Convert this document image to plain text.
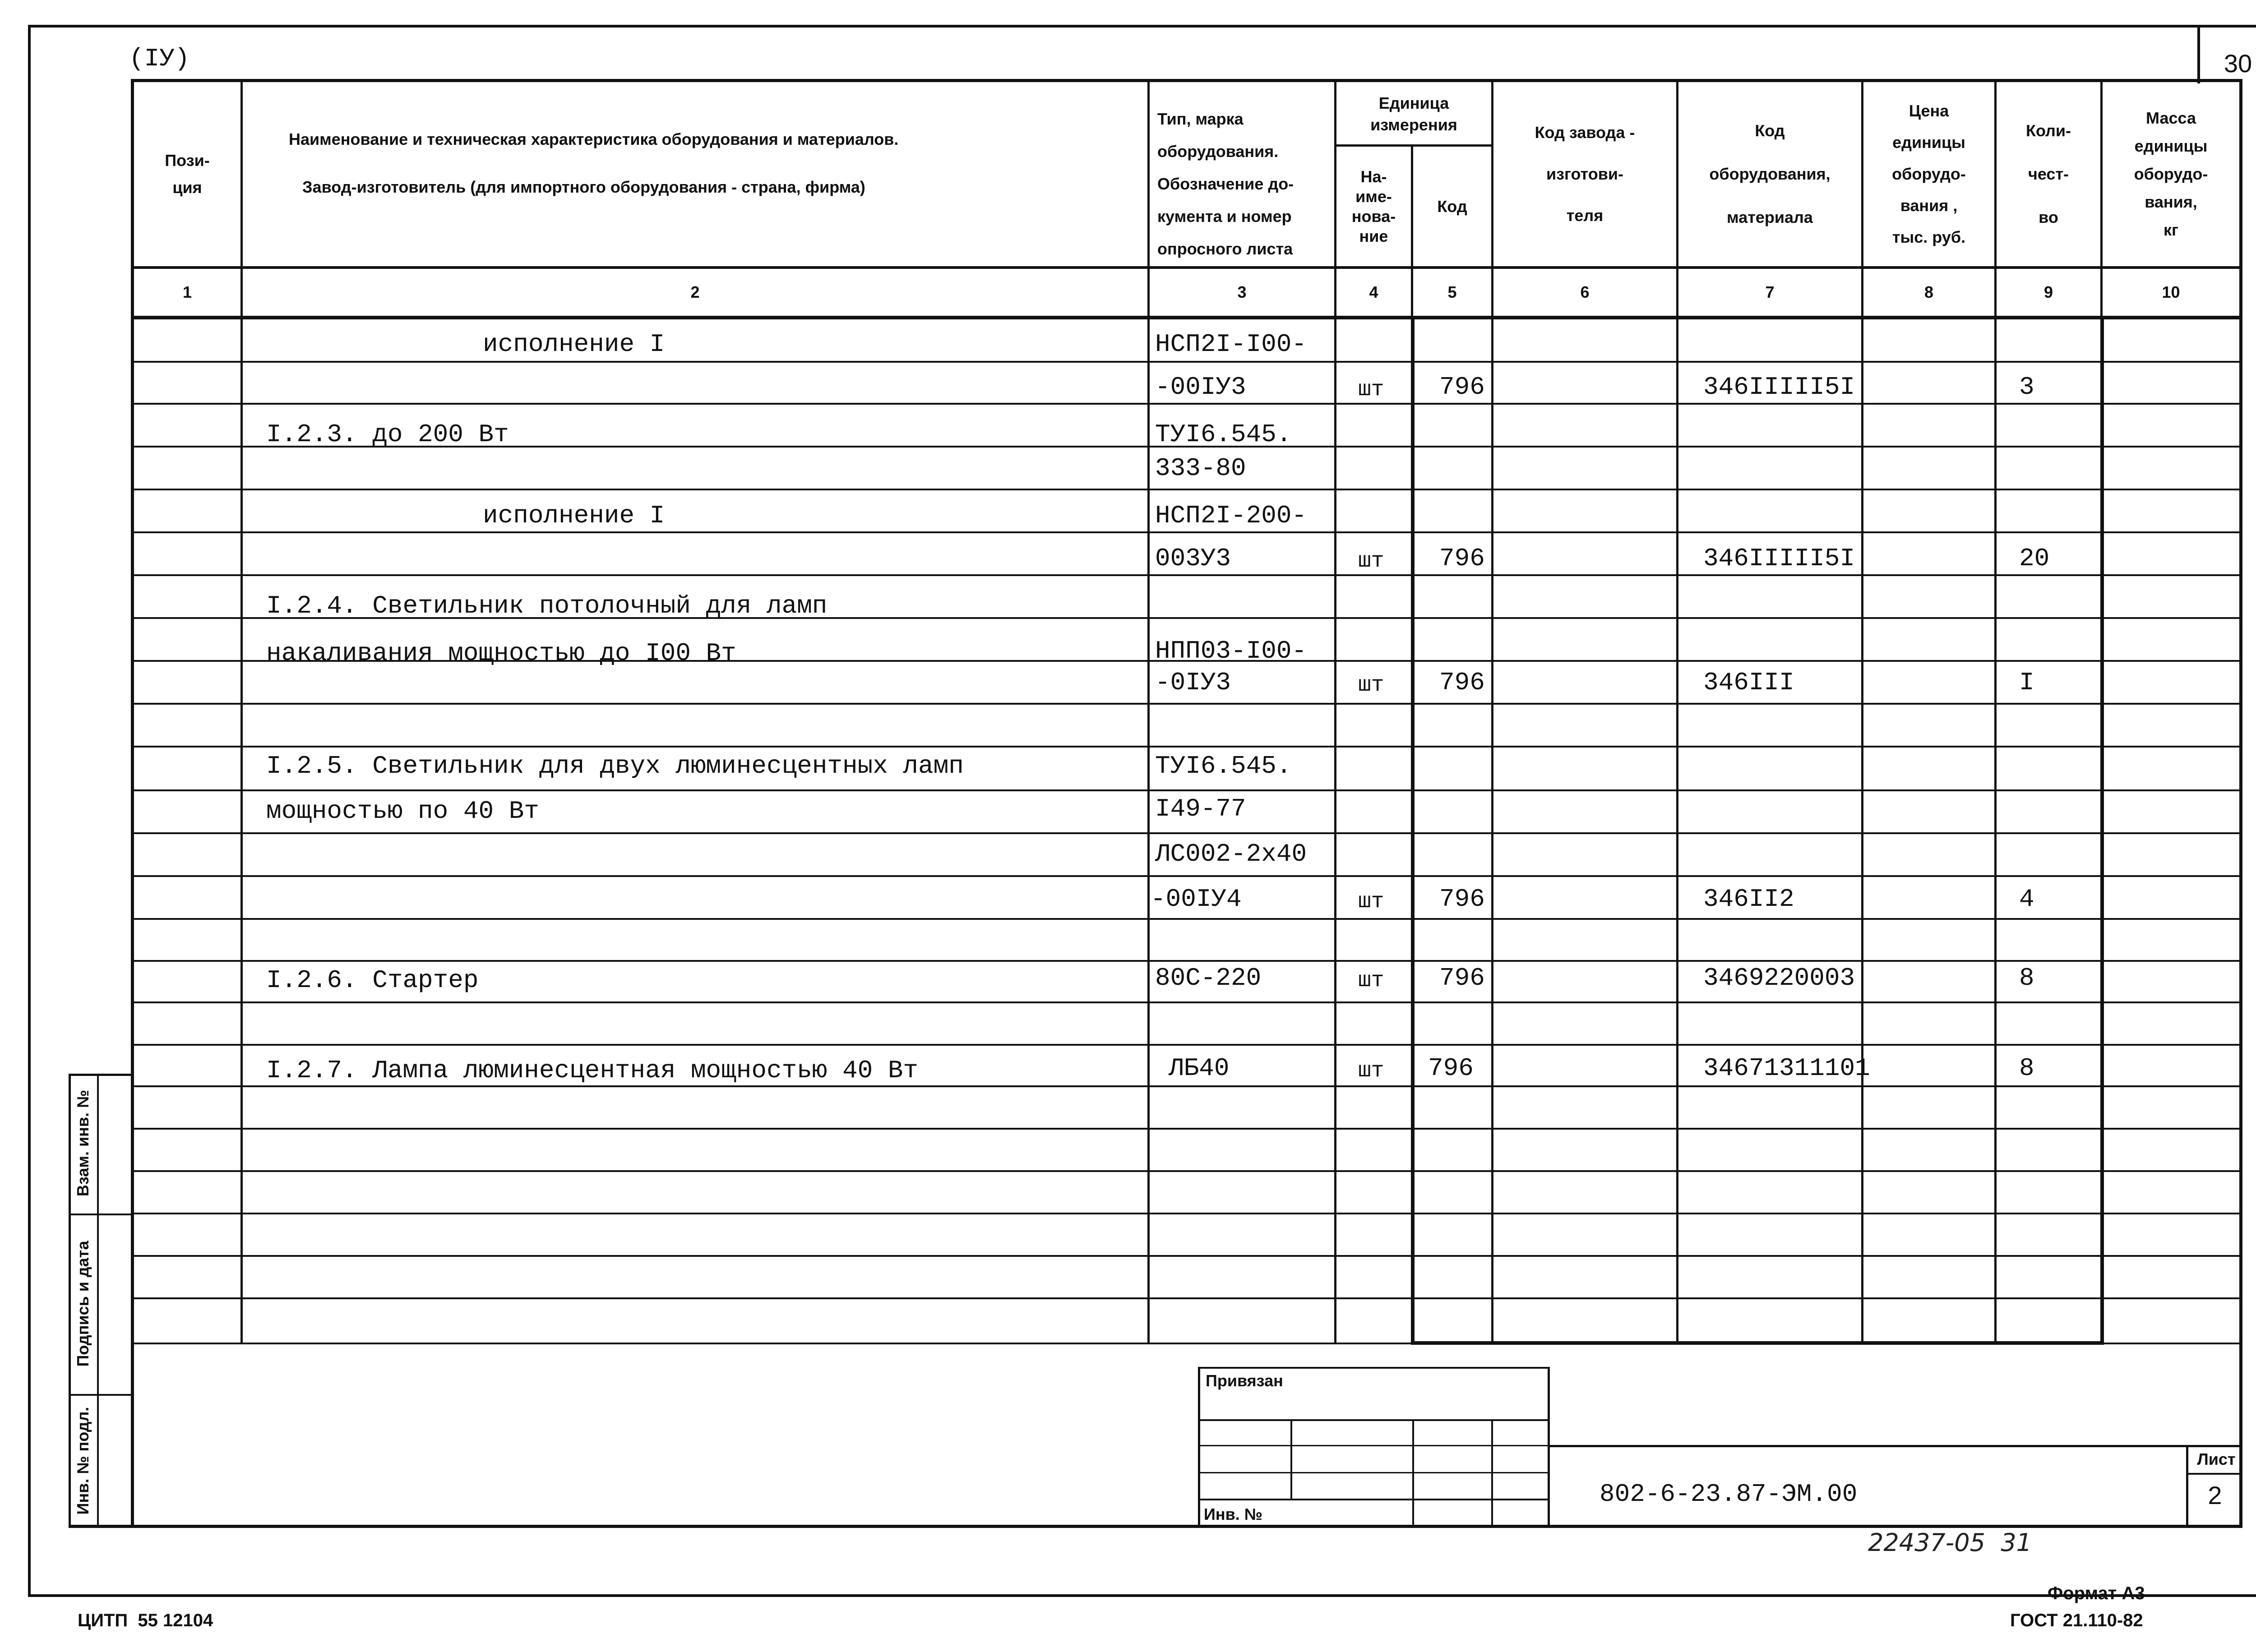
(IУ)	30
Пози-
ция
Наименование и техническая характеристика оборудования и материалов.
Завод-изготовитель (для импортного оборудования - страна, фирма)
Тип, марка
оборудования.
Обозначение до-
кумента и номер
опросного листа
Единица
измерения
На-
име-
нова-
ние
Код
Код завода -
изготови-
теля
Код
оборудования,
материала
Цена
единицы
оборудо-
вания ,
тыс. руб.
Коли-
чест-
во
Масса
единицы
оборудо-
вания,
кг
1	2	3	4	5	6	7	8	9	10
исполнение I	НСП2I-I00-
-00IУ3	шт 796	346IIIII5I	3
I.2.3. до 200 Вт	ТУI6.545.
333-80
исполнение I	НСП2I-200-
003У3	шт 796	346IIIII5I	20
I.2.4. Светильник потолочный для ламп
накаливания мощностью до I00 Вт	НПП03-I00-
-0IУ3	шт 796	346III	I
I.2.5. Светильник для двух люминесцентных ламп	ТУI6.545.
мощностью по 40 Вт	I49-77
ЛС002-2х40
-00IУ4	шт 796	346II2	4
I.2.6. Стартер	80С-220	шт 796	3469220003	8
I.2.7. Лампа люминесцентная мощностью 40 Вт	ЛБ40	шт 796	34671311101	8
Взам. инв. №
Подпись и дата
Инв. № подл.
Привязан
Инв. №
802-6-23.87-ЭМ.00
Лист
2
22437-05  31
Формат А3
ЦИТП  55 12104	ГОСТ 21.110-82
